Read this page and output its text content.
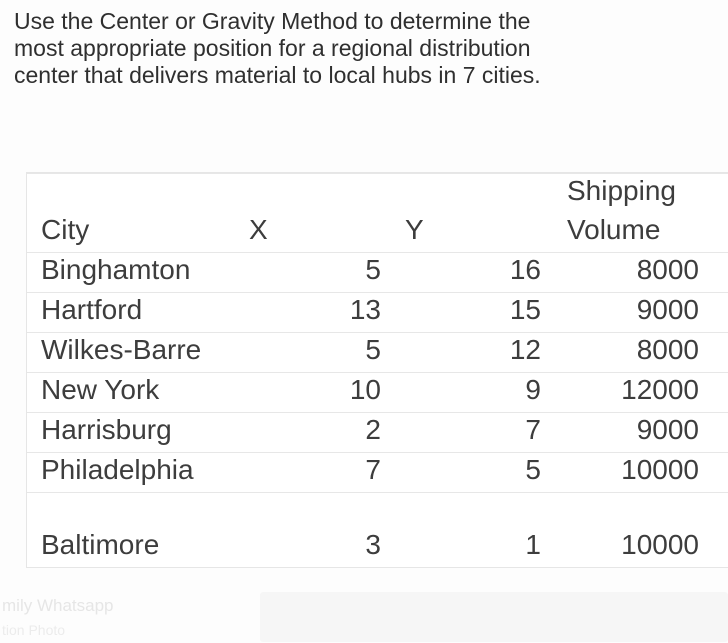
Use the Center or Gravity Method to determine the
most appropriate position for a regional distribution
center that delivers material to local hubs in 7 cities.
Shipping
City	X	Y	Volume
Binghamton	5	16	8000
Hartford	13	15	9000
Wilkes-Barre	5	12	8000
New York	10	9	12000
Harrisburg	2	7	9000
Philadelphia	7	5	10000
Baltimore	3	1	10000
mily Whatsapp
tion Photo
